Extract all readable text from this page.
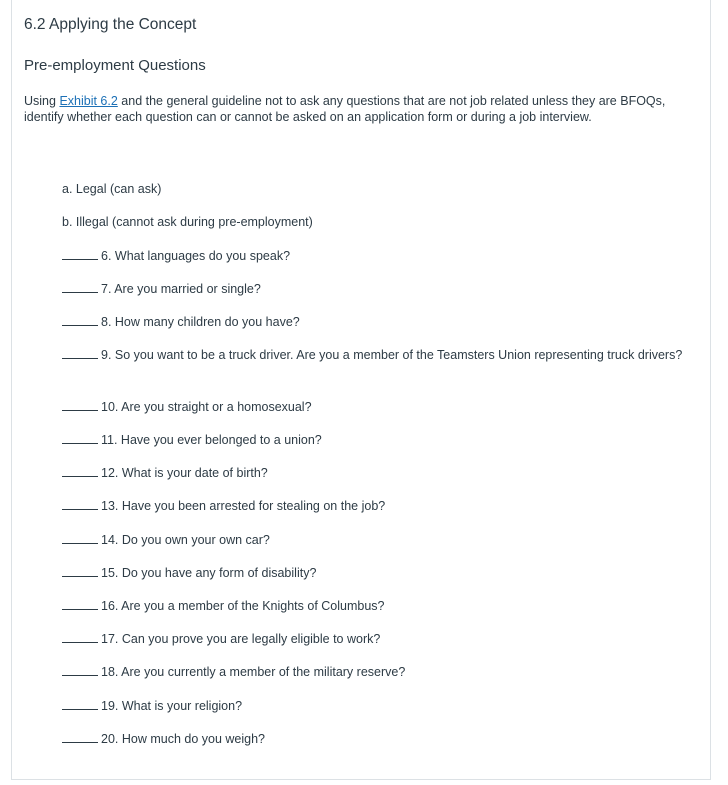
6.2 Applying the Concept
Pre-employment Questions
Using Exhibit 6.2 and the general guideline not to ask any questions that are not job related unless they are BFOQs, identify whether each question can or cannot be asked on an application form or during a job interview.
a. Legal (can ask)
b. Illegal (cannot ask during pre-employment)
6. What languages do you speak?
7. Are you married or single?
8. How many children do you have?
9. So you want to be a truck driver. Are you a member of the Teamsters Union representing truck drivers?
10. Are you straight or a homosexual?
11. Have you ever belonged to a union?
12. What is your date of birth?
13. Have you been arrested for stealing on the job?
14. Do you own your own car?
15. Do you have any form of disability?
16. Are you a member of the Knights of Columbus?
17. Can you prove you are legally eligible to work?
18. Are you currently a member of the military reserve?
19. What is your religion?
20. How much do you weigh?
